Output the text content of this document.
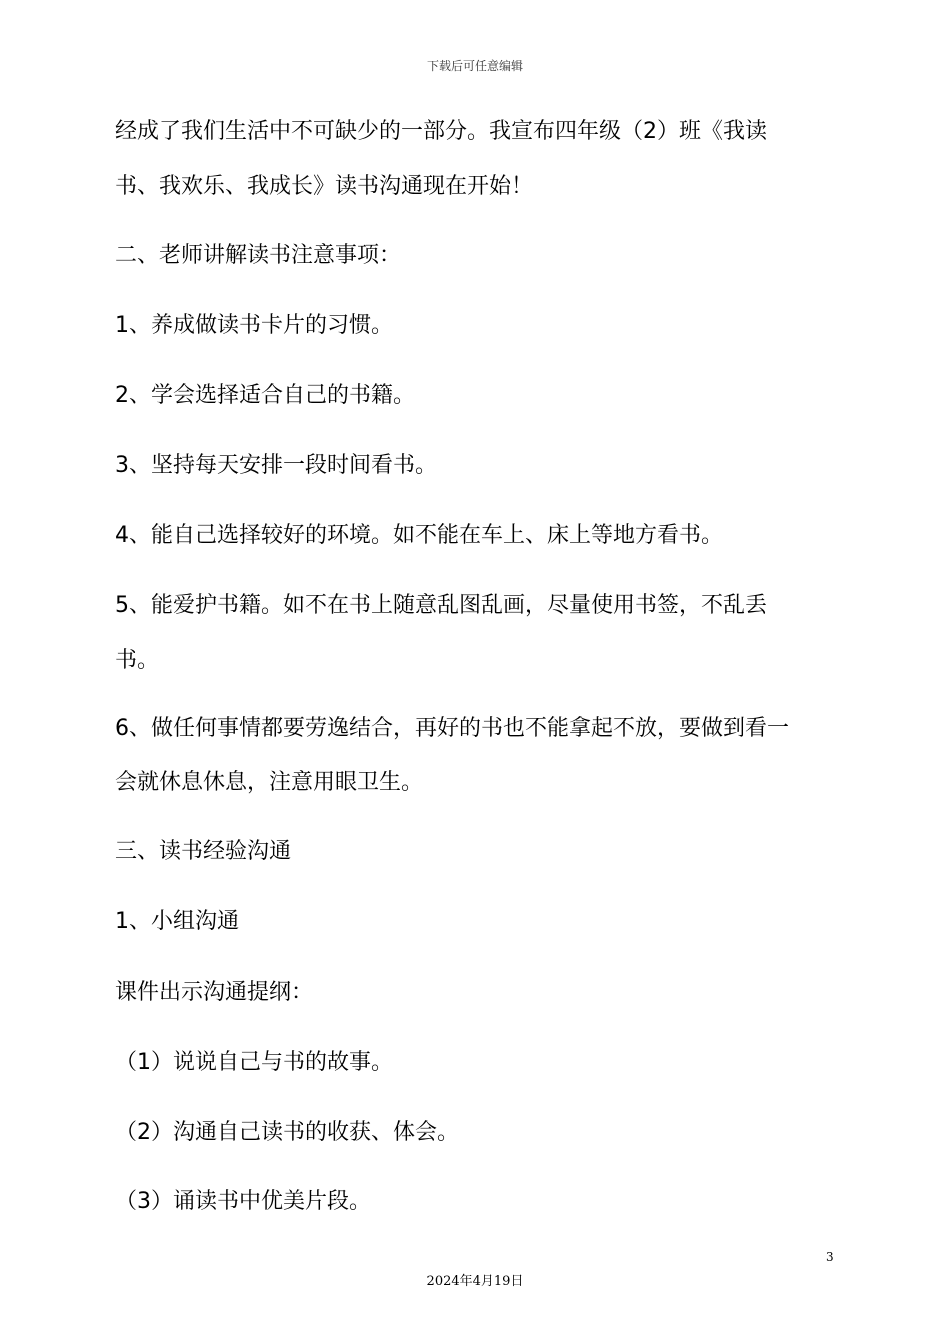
下载后可任意编辑
经成了我们生活中不可缺少的一部分。我宣布四年级（2）班《我读
书、我欢乐、我成长》读书沟通现在开始！
二、老师讲解读书注意事项：
1、养成做读书卡片的习惯。
2、学会选择适合自己的书籍。
3、坚持每天安排一段时间看书。
4、能自己选择较好的环境。如不能在车上、床上等地方看书。
5、能爱护书籍。如不在书上随意乱图乱画，尽量使用书签，不乱丢
书。
6、做任何事情都要劳逸结合，再好的书也不能拿起不放，要做到看一
会就休息休息，注意用眼卫生。
三、读书经验沟通
1、小组沟通
课件出示沟通提纲：
（1）说说自己与书的故事。
（2）沟通自己读书的收获、体会。
（3）诵读书中优美片段。
3
2024年4月19日
